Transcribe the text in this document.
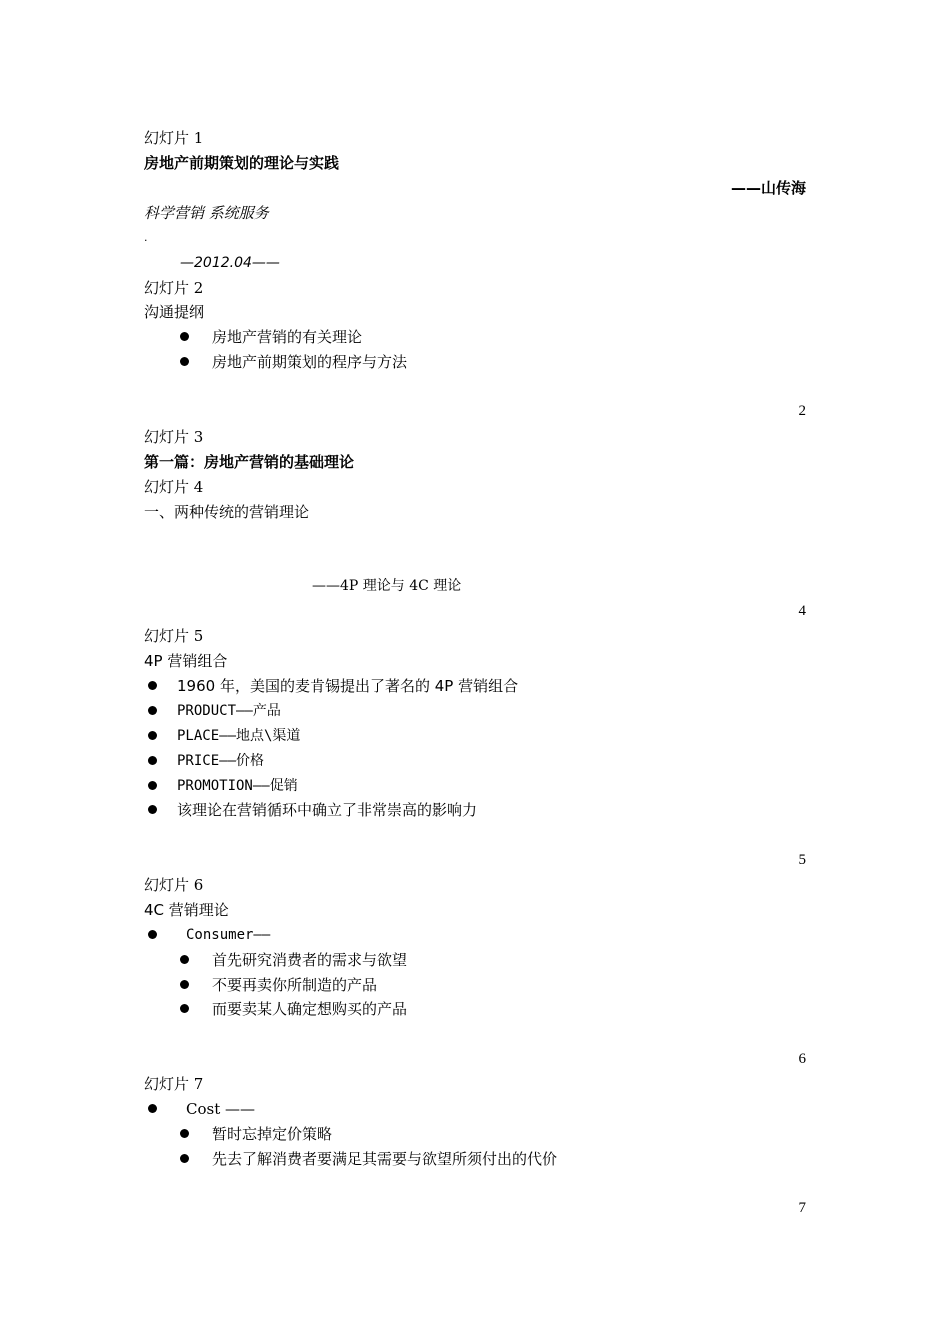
幻灯片 1
房地产前期策划的理论与实践
——山传海
科学营销 系统服务
.
—2012.04——
幻灯片 2
沟通提纲
房地产营销的有关理论
房地产前期策划的程序与方法
2
幻灯片 3
第一篇：房地产营销的基础理论
幻灯片 4
一、两种传统的营销理论
——4P 理论与 4C 理论
4
幻灯片 5
4P 营销组合
1960 年，美国的麦肯锡提出了著名的 4P 营销组合
PRODUCT——产品
PLACE——地点\渠道
PRICE——价格
PROMOTION——促销
该理论在营销循环中确立了非常崇高的影响力
5
幻灯片 6
4C 营销理论
Consumer——
首先研究消费者的需求与欲望
不要再卖你所制造的产品
而要卖某人确定想购买的产品
6
幻灯片 7
Cost ——
暂时忘掉定价策略
先去了解消费者要满足其需要与欲望所须付出的代价
7
